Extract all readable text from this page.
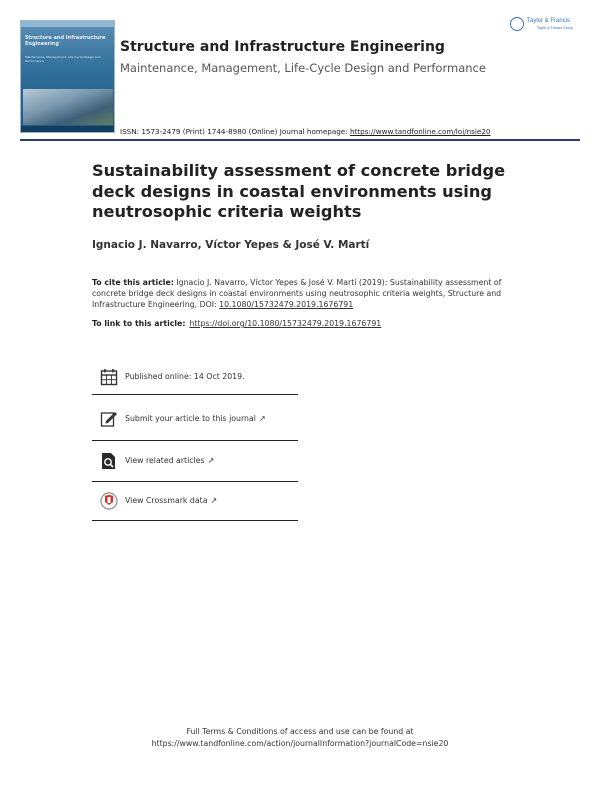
Structure and Infrastructure Engineering
Maintenance, Management, Life-Cycle Design and Performance
Taylor & Francis
Taylor & Francis Group
Structure and Infrastructure Engineering
Maintenance, Management, Life-Cycle Design and Performance
ISSN: 1573-2479 (Print) 1744-8980 (Online) Journal homepage: https://www.tandfonline.com/loi/nsie20
Sustainability assessment of concrete bridge deck designs in coastal environments using neutrosophic criteria weights
Ignacio J. Navarro, Víctor Yepes & José V. Martí
To cite this article: Ignacio J. Navarro, Víctor Yepes & José V. Martí (2019): Sustainability assessment of concrete bridge deck designs in coastal environments using neutrosophic criteria weights, Structure and Infrastructure Engineering, DOI: 10.1080/15732479.2019.1676791
To link to this article: https://doi.org/10.1080/15732479.2019.1676791
Published online: 14 Oct 2019.
Submit your article to this journal ↗
View related articles ↗
View Crossmark data ↗
Full Terms & Conditions of access and use can be found at
https://www.tandfonline.com/action/journalInformation?journalCode=nsie20
